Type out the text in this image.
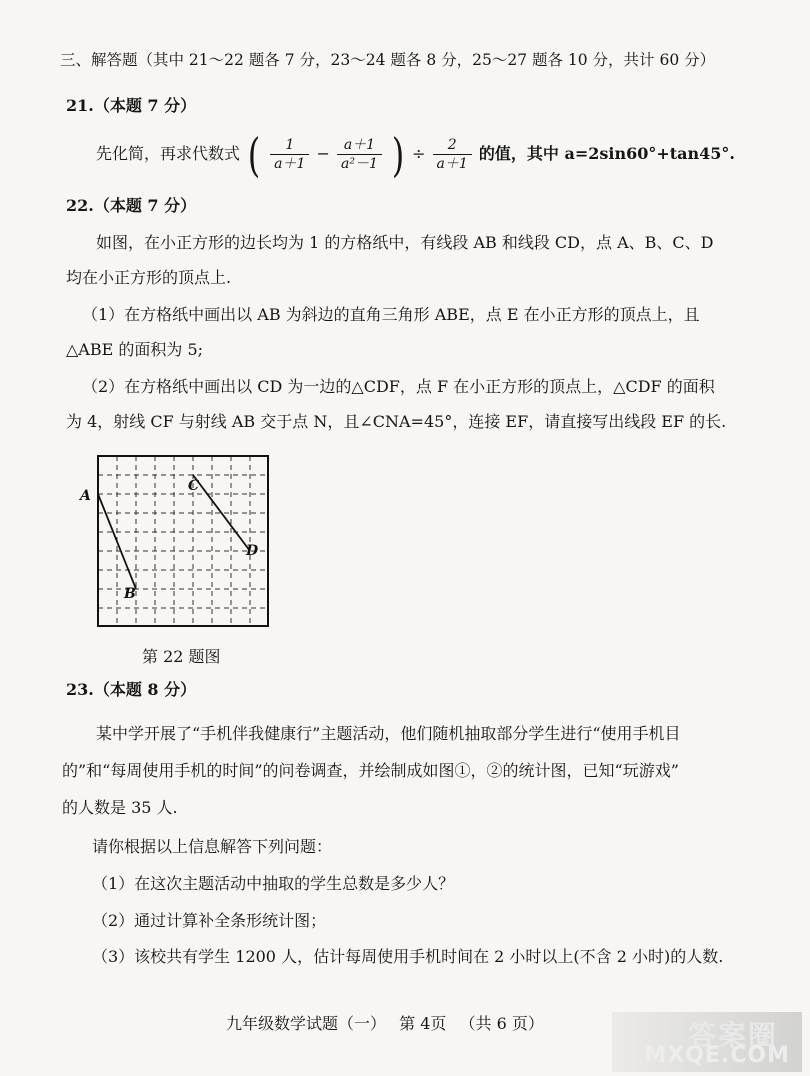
三、解答题（其中 21～22 题各 7 分，23～24 题各 8 分，25～27 题各 10 分，共计 60 分）
21.（本题 7 分）
先化简，再求代数式 ( $\frac{1}{a+1} - \frac{a+1}{\text{a²－1}}$ ) ÷ $\frac{2}{a+1}$ 的值，其中 a=2sin60°+tan45°.
22.（本题 7 分）
如图，在小正方形的边长均为 1 的方格纸中，有线段 AB 和线段 CD，点 A、B、C、D
均在小正方形的顶点上.
（1）在方格纸中画出以 AB 为斜边的直角三角形 ABE，点 E 在小正方形的顶点上，且
△ABE 的面积为 5;
（2）在方格纸中画出以 CD 为一边的△CDF，点 F 在小正方形的顶点上，△CDF 的面积
为 4，射线 CF 与射线 AB 交于点 N，且∠CNA=45°，连接 EF，请直接写出线段 EF 的长.
A
B
C
D
第 22 题图
23.（本题 8 分）
某中学开展了“手机伴我健康行”主题活动，他们随机抽取部分学生进行“使用手机目
的”和“每周使用手机的时间”的问卷调查，并绘制成如图①，②的统计图，已知“玩游戏”
的人数是 35 人.
请你根据以上信息解答下列问题：
（1）在这次主题活动中抽取的学生总数是多少人？
（2）通过计算补全条形统计图；
（3）该校共有学生 1200 人，估计每周使用手机时间在 2 小时以上(不含 2 小时)的人数.
九年级数学试题（一） 第 4页 （共 6 页）	答案圈
MXQE.COM
